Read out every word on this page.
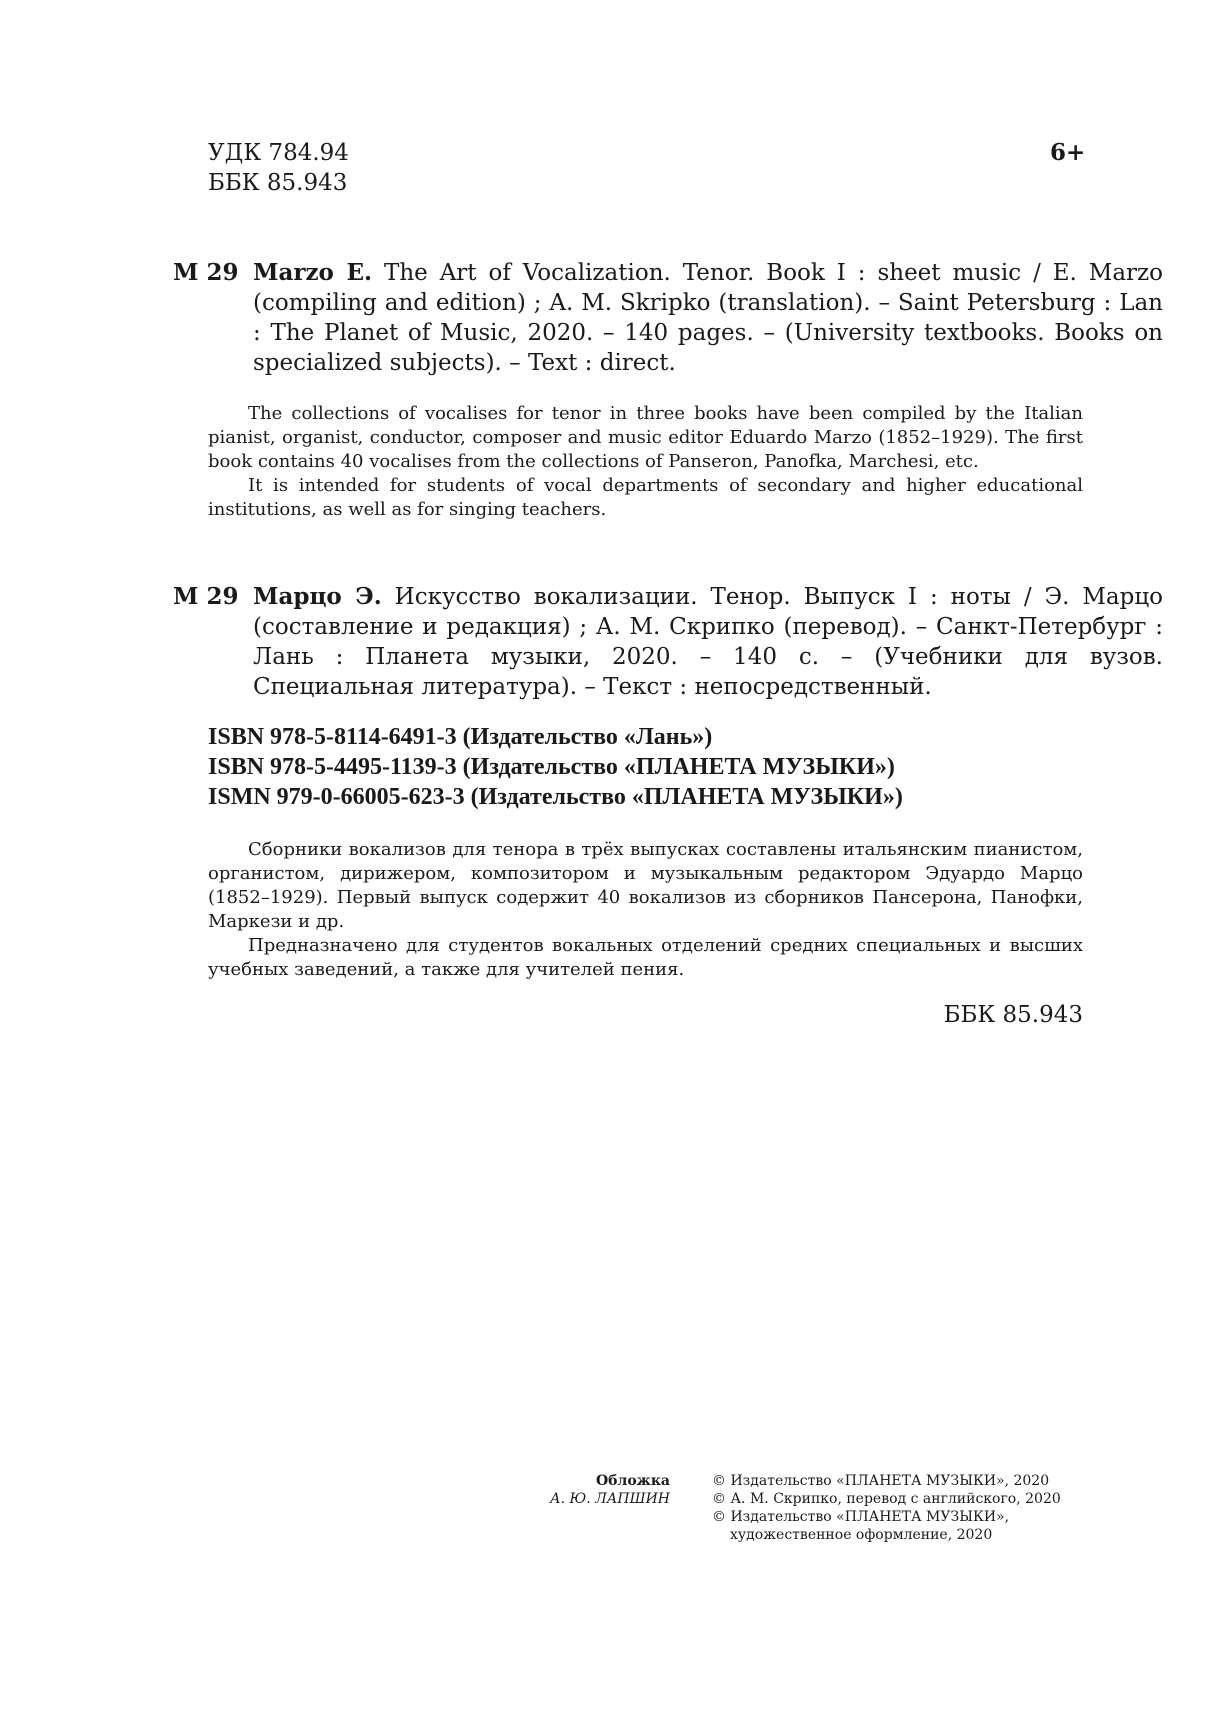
УДК 784.94
ББК 85.943
6+
М 29 Marzo E. The Art of Vocalization. Tenor. Book I : sheet music / E. Marzo (compiling and edition) ; A. M. Skripko (translation). – Saint Petersburg : Lan : The Planet of Music, 2020. – 140 pages. – (University textbooks. Books on specialized subjects). – Text : direct.
The collections of vocalises for tenor in three books have been compiled by the Italian pianist, organist, conductor, composer and music editor Eduardo Marzo (1852–1929). The first book contains 40 vocalises from the collections of Panseron, Panofka, Marchesi, etc.
It is intended for students of vocal departments of secondary and higher educational institutions, as well as for singing teachers.
М 29 Марцо Э. Искусство вокализации. Тенор. Выпуск I : ноты / Э. Марцо (составление и редакция) ; А. М. Скрипко (перевод). – Санкт-Петербург : Лань : Планета музыки, 2020. – 140 с. – (Учебники для вузов. Специальная литература). – Текст : непосредственный.
ISBN 978-5-8114-6491-3 (Издательство «Лань»)
ISBN 978-5-4495-1139-3 (Издательство «ПЛАНЕТА МУЗЫКИ»)
ISMN 979-0-66005-623-3 (Издательство «ПЛАНЕТА МУЗЫКИ»)
Сборники вокализов для тенора в трёх выпусках составлены итальянским пианистом, органистом, дирижером, композитором и музыкальным редактором Эдуардо Марцо (1852–1929). Первый выпуск содержит 40 вокализов из сборников Пансерона, Панофки, Маркези и др.
Предназначено для студентов вокальных отделений средних специальных и высших учебных заведений, а также для учителей пения.
ББК 85.943
Обложка
А. Ю. ЛАПШИН
© Издательство «ПЛАНЕТА МУЗЫКИ», 2020
© А. М. Скрипко, перевод с английского, 2020
© Издательство «ПЛАНЕТА МУЗЫКИ»,
художественное оформление, 2020
